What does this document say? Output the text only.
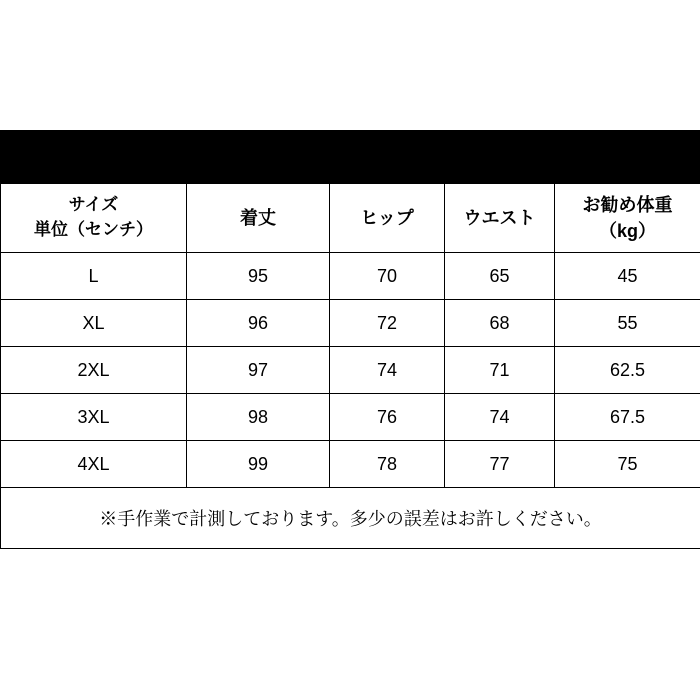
SIZE CHART				

サイズ
単位（センチ）	着丈	ヒップ	ウエスト	お勧め体重
（kg）

L	95	70	65	45
XL	96	72	68	55
2XL	97	74	71	62.5
3XL	98	76	74	67.5
4XL	99	78	77	75
※手作業で計測しております。多少の誤差はお許しください。				
